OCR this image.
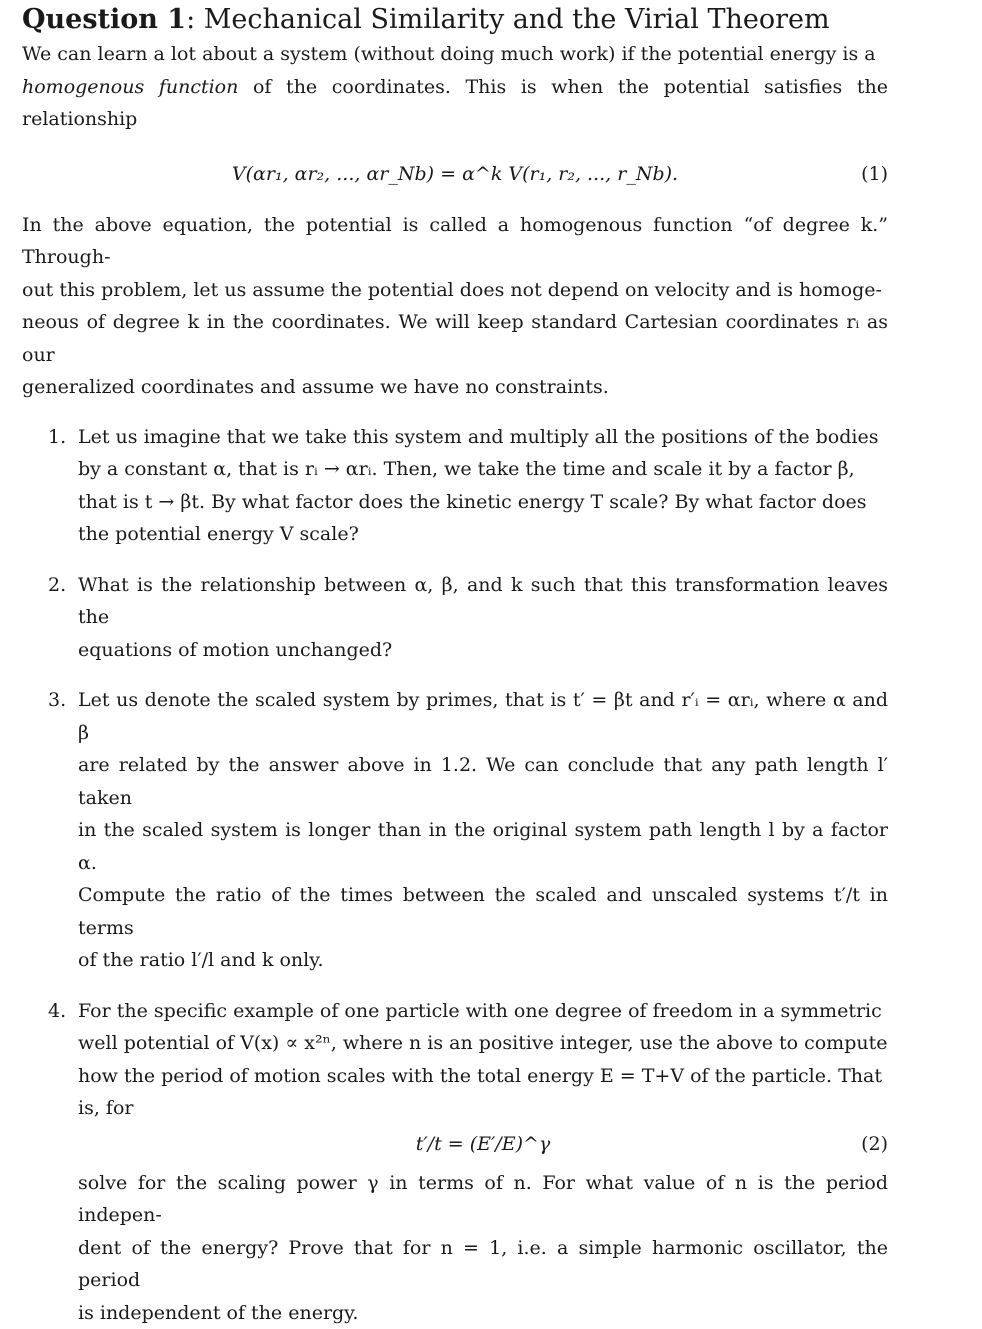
Question 1: Mechanical Similarity and the Virial Theorem

We can learn a lot about a system (without doing much work) if the potential energy is a

homogenous function of the coordinates. This is when the potential satisfies the relationship

V(αr₁, αr₂, ..., αr_Nb) = α^k V(r₁, r₂, ..., r_Nb).	(1)

In the above equation, the potential is called a homogenous function “of degree k.” Through-

out this problem, let us assume the potential does not depend on velocity and is homoge-

neous of degree k in the coordinates. We will keep standard Cartesian coordinates rᵢ as our

generalized coordinates and assume we have no constraints.

1. Let us imagine that we take this system and multiply all the positions of the bodies
by a constant α, that is rᵢ → αrᵢ. Then, we take the time and scale it by a factor β,
that is t → βt. By what factor does the kinetic energy T scale? By what factor does
the potential energy V scale?
2. What is the relationship between α, β, and k such that this transformation leaves the
equations of motion unchanged?
3. Let us denote the scaled system by primes, that is t′ = βt and r′ᵢ = αrᵢ, where α and β
are related by the answer above in 1.2. We can conclude that any path length l′ taken
in the scaled system is longer than in the original system path length l by a factor α.
Compute the ratio of the times between the scaled and unscaled systems t′/t in terms
of the ratio l′/l and k only.
4. For the specific example of one particle with one degree of freedom in a symmetric
well potential of V(x) ∝ x²ⁿ, where n is an positive integer, use the above to compute
how the period of motion scales with the total energy E = T+V of the particle. That
is, for
t′/t = (E′/E)^γ	(2)
solve for the scaling power γ in terms of n. For what value of n is the period indepen-
dent of the energy? Prove that for n = 1, i.e. a simple harmonic oscillator, the period
is independent of the energy.
